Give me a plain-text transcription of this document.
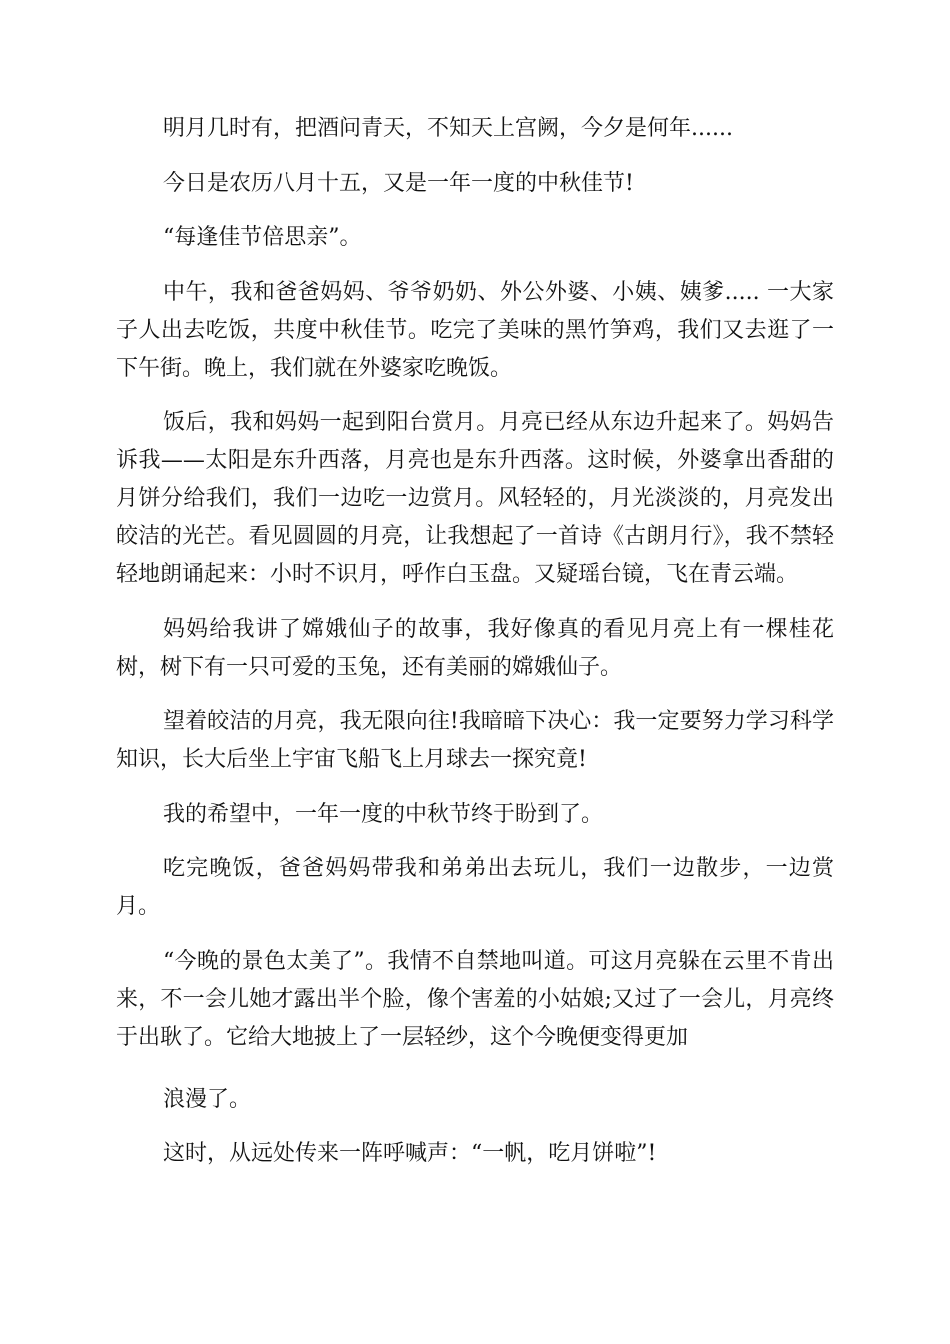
明月几时有，把酒问青天，不知天上宫阙，今夕是何年......

今日是农历八月十五，又是一年一度的中秋佳节!

“每逢佳节倍思亲”。

中午，我和爸爸妈妈、爷爷奶奶、外公外婆、小姨、姨爹..... 一大家子人出去吃饭，共度中秋佳节。吃完了美味的黑竹笋鸡，我们又去逛了一下午街。晚上，我们就在外婆家吃晚饭。

饭后，我和妈妈一起到阳台赏月。月亮已经从东边升起来了。妈妈告诉我——太阳是东升西落，月亮也是东升西落。这时候，外婆拿出香甜的月饼分给我们，我们一边吃一边赏月。风轻轻的，月光淡淡的，月亮发出皎洁的光芒。看见圆圆的月亮，让我想起了一首诗《古朗月行》，我不禁轻轻地朗诵起来：小时不识月，呼作白玉盘。又疑瑶台镜，飞在青云端。

妈妈给我讲了嫦娥仙子的故事，我好像真的看见月亮上有一棵桂花树，树下有一只可爱的玉兔，还有美丽的嫦娥仙子。

望着皎洁的月亮，我无限向往!我暗暗下决心：我一定要努力学习科学知识，长大后坐上宇宙飞船飞上月球去一探究竟!

我的希望中，一年一度的中秋节终于盼到了。

吃完晚饭，爸爸妈妈带我和弟弟出去玩儿，我们一边散步，一边赏月。

“今晚的景色太美了”。我情不自禁地叫道。可这月亮躲在云里不肯出来，不一会儿她才露出半个脸，像个害羞的小姑娘;又过了一会儿，月亮终于出耿了。它给大地披上了一层轻纱，这个今晚便变得更加

浪漫了。

这时，从远处传来一阵呼喊声：“一帆，吃月饼啦”!
